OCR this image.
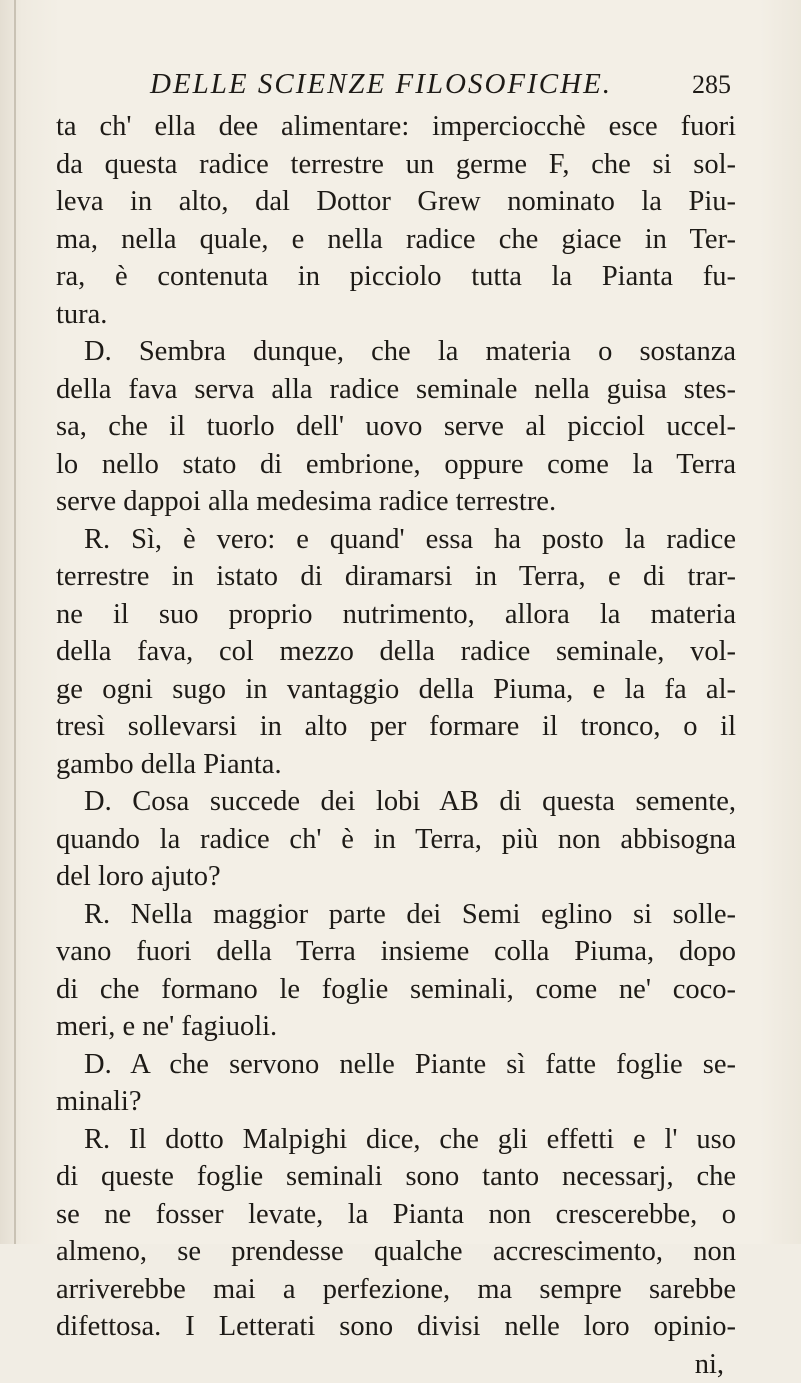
DELLE SCIENZE FILOSOFICHE.	285
ta ch' ella dee alimentare: imperciocchè esce fuori
da questa radice terrestre un germe F, che si sol-
leva in alto, dal Dottor Grew nominato la Piu-
ma, nella quale, e nella radice che giace in Ter-
ra, è contenuta in picciolo tutta la Pianta fu-
tura.
D. Sembra dunque, che la materia o sostanza
della fava serva alla radice seminale nella guisa stes-
sa, che il tuorlo dell' uovo serve al picciol uccel-
lo nello stato di embrione, oppure come la Terra
serve dappoi alla medesima radice terrestre.
R. Sì, è vero: e quand' essa ha posto la radice
terrestre in istato di diramarsi in Terra, e di trar-
ne il suo proprio nutrimento, allora la materia
della fava, col mezzo della radice seminale, vol-
ge ogni sugo in vantaggio della Piuma, e la fa al-
tresì sollevarsi in alto per formare il tronco, o il
gambo della Pianta.
D. Cosa succede dei lobi AB di questa semente,
quando la radice ch' è in Terra, più non abbisogna
del loro ajuto?
R. Nella maggior parte dei Semi eglino si solle-
vano fuori della Terra insieme colla Piuma, dopo
di che formano le foglie seminali, come ne' coco-
meri, e ne' fagiuoli.
D. A che servono nelle Piante sì fatte foglie se-
minali?
R. Il dotto Malpighi dice, che gli effetti e l' uso
di queste foglie seminali sono tanto necessarj, che
se ne fosser levate, la Pianta non crescerebbe, o
almeno, se prendesse qualche accrescimento, non
arriverebbe mai a perfezione, ma sempre sarebbe
difettosa. I Letterati sono divisi nelle loro opinio-
ni,
